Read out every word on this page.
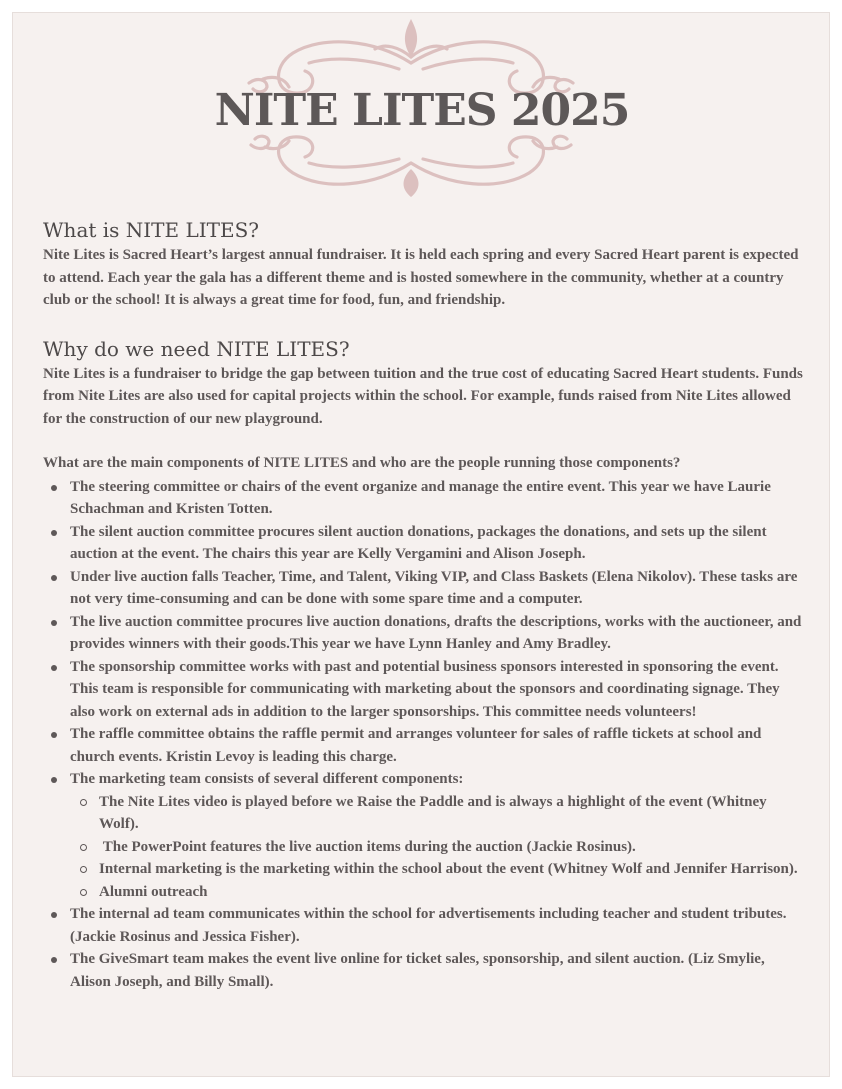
NITE LITES 2025
What is NITE LITES?

Nite Lites is Sacred Heart’s largest annual fundraiser. It is held each spring and every Sacred Heart parent is expected to attend. Each year the gala has a different theme and is hosted somewhere in the community, whether at a country club or the school! It is always a great time for food, fun, and friendship.

Why do we need NITE LITES?

Nite Lites is a fundraiser to bridge the gap between tuition and the true cost of educating Sacred Heart students. Funds from Nite Lites are also used for capital projects within the school. For example, funds raised from Nite Lites allowed for the construction of our new playground.

What are the main components of NITE LITES and who are the people running those components?

The steering committee or chairs of the event organize and manage the entire event. This year we have Laurie Schachman and Kristen Totten.
The silent auction committee procures silent auction donations, packages the donations, and sets up the silent auction at the event. The chairs this year are Kelly Vergamini and Alison Joseph.
Under live auction falls Teacher, Time, and Talent, Viking VIP, and Class Baskets (Elena Nikolov). These tasks are not very time-consuming and can be done with some spare time and a computer.
The live auction committee procures live auction donations, drafts the descriptions, works with the auctioneer, and provides winners with their goods.This year we have Lynn Hanley and Amy Bradley.
The sponsorship committee works with past and potential business sponsors interested in sponsoring the event. This team is responsible for communicating with marketing about the sponsors and coordinating signage. They also work on external ads in addition to the larger sponsorships. This committee needs volunteers!
The raffle committee obtains the raffle permit and arranges volunteer for sales of raffle tickets at school and church events. Kristin Levoy is leading this charge.
The marketing team consists of several different components:
The Nite Lites video is played before we Raise the Paddle and is always a highlight of the event (Whitney Wolf).
The PowerPoint features the live auction items during the auction (Jackie Rosinus).
Internal marketing is the marketing within the school about the event (Whitney Wolf and Jennifer Harrison).
Alumni outreach
The internal ad team communicates within the school for advertisements including teacher and student tributes. (Jackie Rosinus and Jessica Fisher).
The GiveSmart team makes the event live online for ticket sales, sponsorship, and silent auction. (Liz Smylie, Alison Joseph, and Billy Small).
